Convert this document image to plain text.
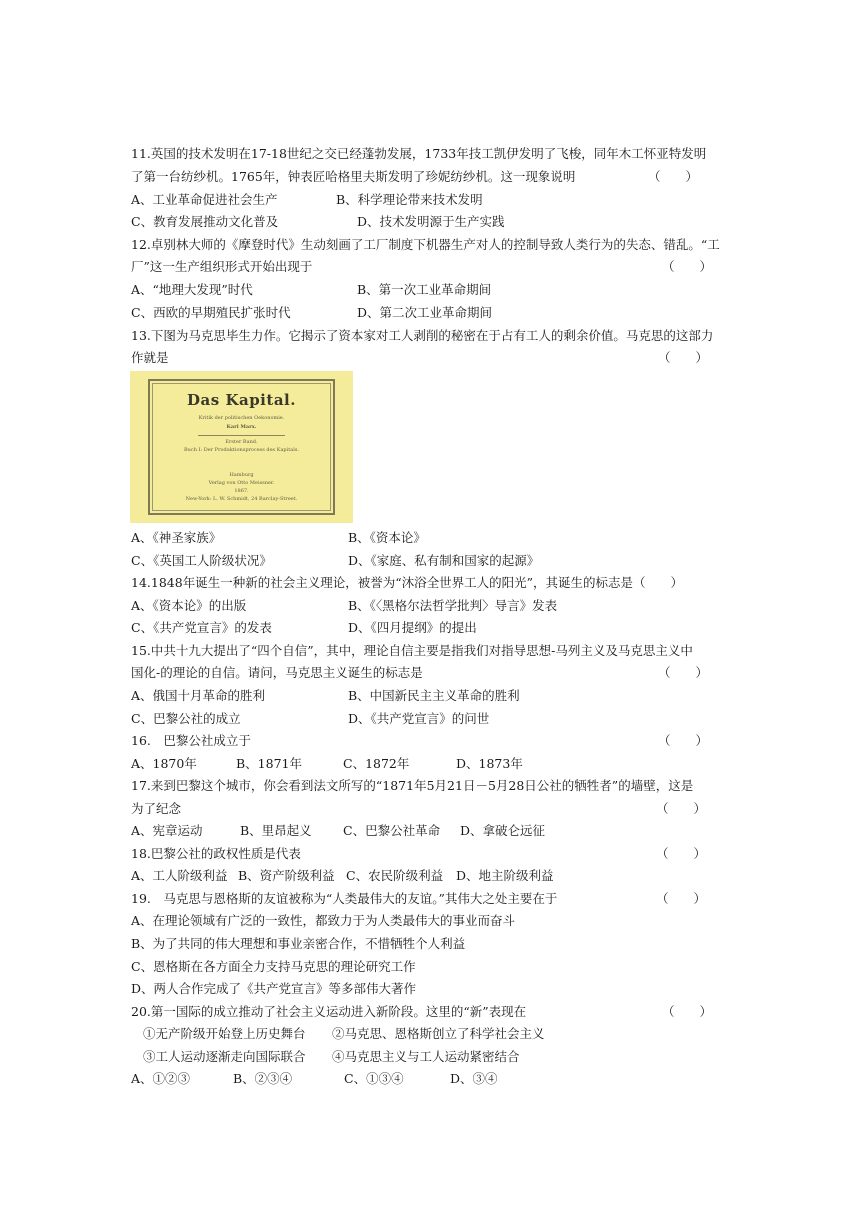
11.英国的技术发明在17-18世纪之交已经蓬勃发展，1733年技工凯伊发明了飞梭，同年木工怀亚特发明
了第一台纺纱机。1765年，钟表匠哈格里夫斯发明了珍妮纺纱机。这一现象说明	（　　）
A、工业革命促进社会生产	B、科学理论带来技术发明
C、教育发展推动文化普及	D、技术发明源于生产实践
12.卓别林大师的《摩登时代》生动刻画了工厂制度下机器生产对人的控制导致人类行为的失态、错乱。“工
厂”这一生产组织形式开始出现于	（　　）
A、“地理大发现”时代	B、第一次工业革命期间
C、西欧的早期殖民扩张时代	D、第二次工业革命期间
13.下图为马克思毕生力作。它揭示了资本家对工人剥削的秘密在于占有工人的剩余价值。马克思的这部力
作就是	（　　）
Das Kapital.
Kritik der politischen Oekonomie.
Karl Marx.
Erster Band.
Buch I: Der Produktionsprocess des Kapitals.
Hamburg
Verlag von Otto Meissner.
1867.
New-York: L. W. Schmidt, 24 Barclay-Street.
A、《神圣家族》	B、《资本论》
C、《英国工人阶级状况》	D、《家庭、私有制和国家的起源》
14.1848年诞生一种新的社会主义理论，被誉为“沐浴全世界工人的阳光”，其诞生的标志是（　　）
A、《资本论》的出版	B、《〈黑格尔法哲学批判〉导言》发表
C、《共产党宣言》的发表	D、《四月提纲》的提出
15.中共十九大提出了“四个自信”，其中，理论自信主要是指我们对指导思想-马列主义及马克思主义中
国化-的理论的自信。请问，马克思主义诞生的标志是	（　　）
A、俄国十月革命的胜利	B、中国新民主主义革命的胜利
C、巴黎公社的成立	D、《共产党宣言》的问世
16.　巴黎公社成立于	（　　）
A、1870年	B、1871年	C、1872年	D、1873年
17.来到巴黎这个城市，你会看到法文所写的“1871年5月21日－5月28日公社的牺牲者”的墙壁，这是
为了纪念	（　　）
A、宪章运动	B、里昂起义	C、巴黎公社革命 D、拿破仑远征
18.巴黎公社的政权性质是代表	（　　）
A、工人阶级利益 B、资产阶级利益 C、农民阶级利益 D、地主阶级利益
19.　马克思与恩格斯的友谊被称为“人类最伟大的友谊。”其伟大之处主要在于	（　　）
A、在理论领域有广泛的一致性，都致力于为人类最伟大的事业而奋斗
B、为了共同的伟大理想和事业亲密合作，不惜牺牲个人利益
C、恩格斯在各方面全力支持马克思的理论研究工作
D、两人合作完成了《共产党宣言》等多部伟大著作
20.第一国际的成立推动了社会主义运动进入新阶段。这里的“新”表现在	（　　）
①无产阶级开始登上历史舞台 ②马克思、恩格斯创立了科学社会主义
③工人运动逐渐走向国际联合 ④马克思主义与工人运动紧密结合
A、①②③	B、②③④	C、①③④	D、③④
